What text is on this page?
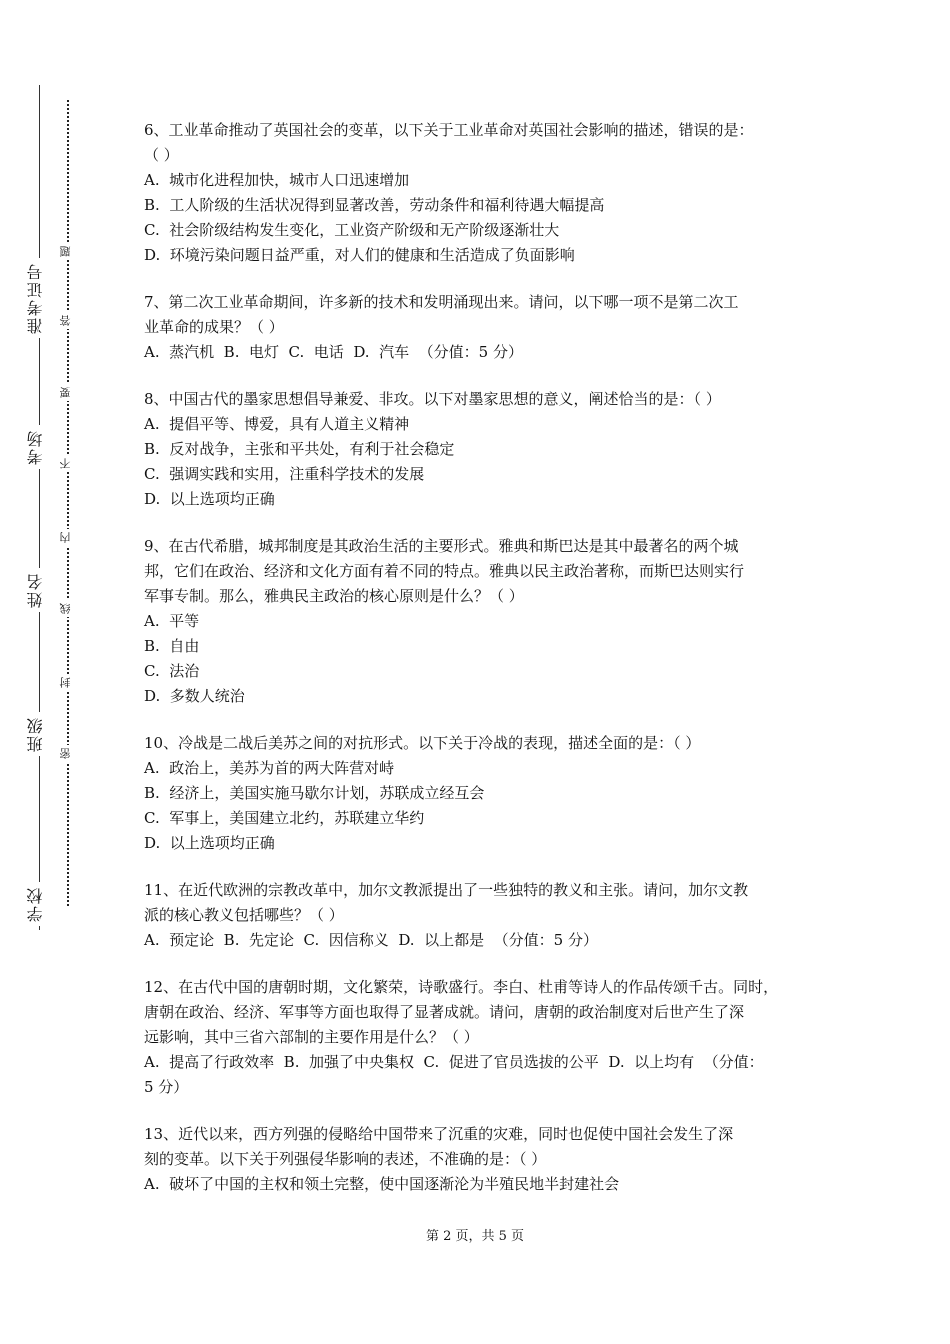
准考证号
考场
姓名
班级
学校
题
答
要
不
内
线
封
密
6、工业革命推动了英国社会的变革，以下关于工业革命对英国社会影响的描述，错误的是：
（ ）
A.  城市化进程加快，城市人口迅速增加
B.  工人阶级的生活状况得到显著改善，劳动条件和福利待遇大幅提高
C.  社会阶级结构发生变化，工业资产阶级和无产阶级逐渐壮大
D.  环境污染问题日益严重，对人们的健康和生活造成了负面影响
7、第二次工业革命期间，许多新的技术和发明涌现出来。请问，以下哪一项不是第二次工
业革命的成果？（ ）
A.  蒸汽机  B.  电灯  C.  电话  D.  汽车  （分值：5 分）
8、中国古代的墨家思想倡导兼爱、非攻。以下对墨家思想的意义，阐述恰当的是：（ ）
A.  提倡平等、博爱，具有人道主义精神
B.  反对战争，主张和平共处，有利于社会稳定
C.  强调实践和实用，注重科学技术的发展
D.  以上选项均正确
9、在古代希腊，城邦制度是其政治生活的主要形式。雅典和斯巴达是其中最著名的两个城
邦，它们在政治、经济和文化方面有着不同的特点。雅典以民主政治著称，而斯巴达则实行
军事专制。那么，雅典民主政治的核心原则是什么？（ ）
A.  平等
B.  自由
C.  法治
D.  多数人统治
10、冷战是二战后美苏之间的对抗形式。以下关于冷战的表现，描述全面的是：（ ）
A.  政治上，美苏为首的两大阵营对峙
B.  经济上，美国实施马歇尔计划，苏联成立经互会
C.  军事上，美国建立北约，苏联建立华约
D.  以上选项均正确
11、在近代欧洲的宗教改革中，加尔文教派提出了一些独特的教义和主张。请问，加尔文教
派的核心教义包括哪些？（ ）
A.  预定论  B.  先定论  C.  因信称义  D.  以上都是  （分值：5 分）
12、在古代中国的唐朝时期，文化繁荣，诗歌盛行。李白、杜甫等诗人的作品传颂千古。同时，
唐朝在政治、经济、军事等方面也取得了显著成就。请问，唐朝的政治制度对后世产生了深
远影响，其中三省六部制的主要作用是什么？（ ）
A.  提高了行政效率  B.  加强了中央集权  C.  促进了官员选拔的公平  D.  以上均有  （分值：
5 分）
13、近代以来，西方列强的侵略给中国带来了沉重的灾难，同时也促使中国社会发生了深
刻的变革。以下关于列强侵华影响的表述，不准确的是：（ ）
A.  破坏了中国的主权和领土完整，使中国逐渐沦为半殖民地半封建社会
第 2 页，共 5 页
